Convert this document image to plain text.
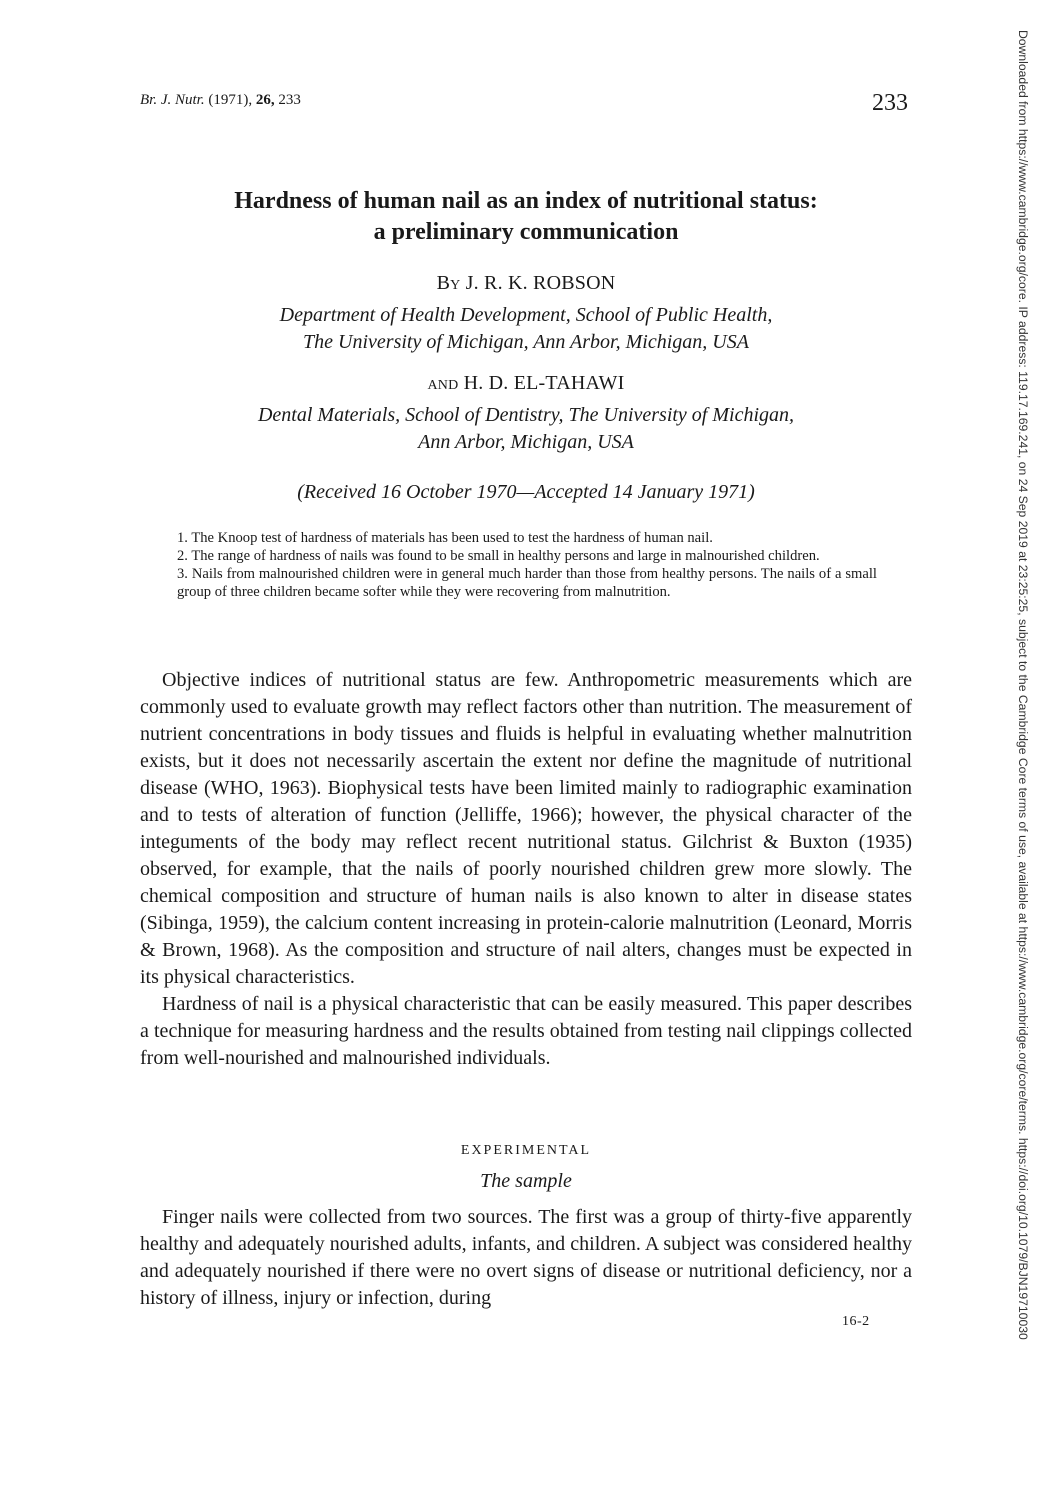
Br. J. Nutr. (1971), 26, 233	233
Hardness of human nail as an index of nutritional status:
a preliminary communication
By J. R. K. ROBSON
Department of Health Development, School of Public Health,
The University of Michigan, Ann Arbor, Michigan, USA
and H. D. EL-TAHAWI
Dental Materials, School of Dentistry, The University of Michigan,
Ann Arbor, Michigan, USA
(Received 16 October 1970—Accepted 14 January 1971)

1. The Knoop test of hardness of materials has been used to test the hardness of human nail.

2. The range of hardness of nails was found to be small in healthy persons and large in malnourished children.

3. Nails from malnourished children were in general much harder than those from healthy persons. The nails of a small group of three children became softer while they were recovering from malnutrition.

Objective indices of nutritional status are few. Anthropometric measurements which are commonly used to evaluate growth may reflect factors other than nutrition. The measurement of nutrient concentrations in body tissues and fluids is helpful in evaluating whether malnutrition exists, but it does not necessarily ascertain the extent nor define the magnitude of nutritional disease (WHO, 1963). Biophysical tests have been limited mainly to radiographic examination and to tests of alteration of function (Jelliffe, 1966); however, the physical character of the integuments of the body may reflect recent nutritional status. Gilchrist & Buxton (1935) observed, for example, that the nails of poorly nourished children grew more slowly. The chemical composition and structure of human nails is also known to alter in disease states (Sibinga, 1959), the calcium content increasing in protein-calorie malnutrition (Leonard, Morris & Brown, 1968). As the composition and structure of nail alters, changes must be expected in its physical characteristics.

Hardness of nail is a physical characteristic that can be easily measured. This paper describes a technique for measuring hardness and the results obtained from testing nail clippings collected from well-nourished and malnourished individuals.

EXPERIMENTAL
The sample

Finger nails were collected from two sources. The first was a group of thirty-five apparently healthy and adequately nourished adults, infants, and children. A subject was considered healthy and adequately nourished if there were no overt signs of disease or nutritional deficiency, nor a history of illness, injury or infection, during

16-2	Downloaded from https://www.cambridge.org/core. IP address: 119.17.169.241, on 24 Sep 2019 at 23:25:25, subject to the Cambridge Core terms of use, available at https://www.cambridge.org/core/terms. https://doi.org/10.1079/BJN19710030
